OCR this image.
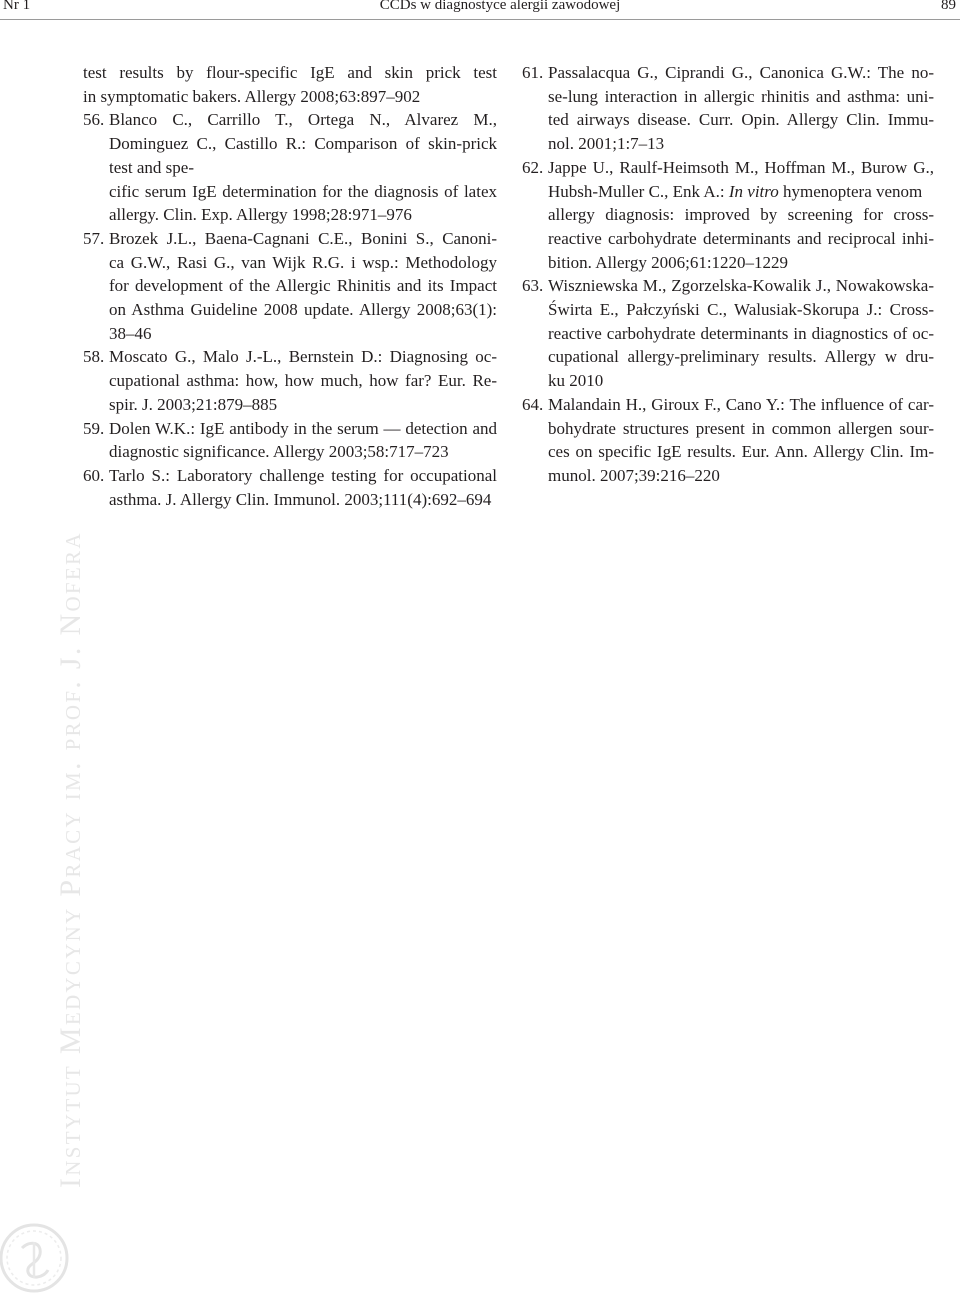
Nr 1	CCDs w diagnostyce alergii zawodowej	89
test results by flour-specific IgE and skin prick test
in symptomatic bakers. Allergy 2008;63:897–902
56. Blanco C., Carrillo T., Ortega N., Alvarez M., Dominguez C., Castillo R.: Comparison of skin-prick test and spe-
cific serum IgE determination for the diagnosis of latex
allergy. Clin. Exp. Allergy 1998;28:971–976
57. Brozek J.L., Baena-Cagnani C.E., Bonini S., Canoni-
ca G.W., Rasi G., van Wijk R.G. i wsp.: Methodology
for development of the Allergic Rhinitis and its Impact
on Asthma Guideline 2008 update. Allergy 2008;63(1):
38–46
58. Moscato G., Malo J.-L., Bernstein D.: Diagnosing oc-
cupational asthma: how, how much, how far? Eur. Re-
spir. J. 2003;21:879–885
59. Dolen W.K.: IgE antibody in the serum — detection and
diagnostic significance. Allergy 2003;58:717–723
60. Tarlo S.: Laboratory challenge testing for occupational
asthma. J. Allergy Clin. Immunol. 2003;111(4):692–694
61. Passalacqua G., Ciprandi G., Canonica G.W.: The no-
se-lung interaction in allergic rhinitis and asthma: uni-
ted airways disease. Curr. Opin. Allergy Clin. Immu-
nol. 2001;1:7–13
62. Jappe U., Raulf-Heimsoth M., Hoffman M., Burow G.,
Hubsh-Muller C., Enk A.: In vitro hymenoptera venom
allergy diagnosis: improved by screening for cross-
reactive carbohydrate determinants and reciprocal inhi-
bition. Allergy 2006;61:1220–1229
63. Wiszniewska M., Zgorzelska-Kowalik J., Nowakowska-
Świrta E., Pałczyński C., Walusiak-Skorupa J.: Cross-
reactive carbohydrate determinants in diagnostics of oc-
cupational allergy-preliminary results. Allergy w dru-
ku 2010
64. Malandain H., Giroux F., Cano Y.: The influence of car-
bohydrate structures present in common allergen sour-
ces on specific IgE results. Eur. Ann. Allergy Clin. Im-
munol. 2007;39:216–220
Instytut Medycyny Pracy im. prof. J. Nofera
